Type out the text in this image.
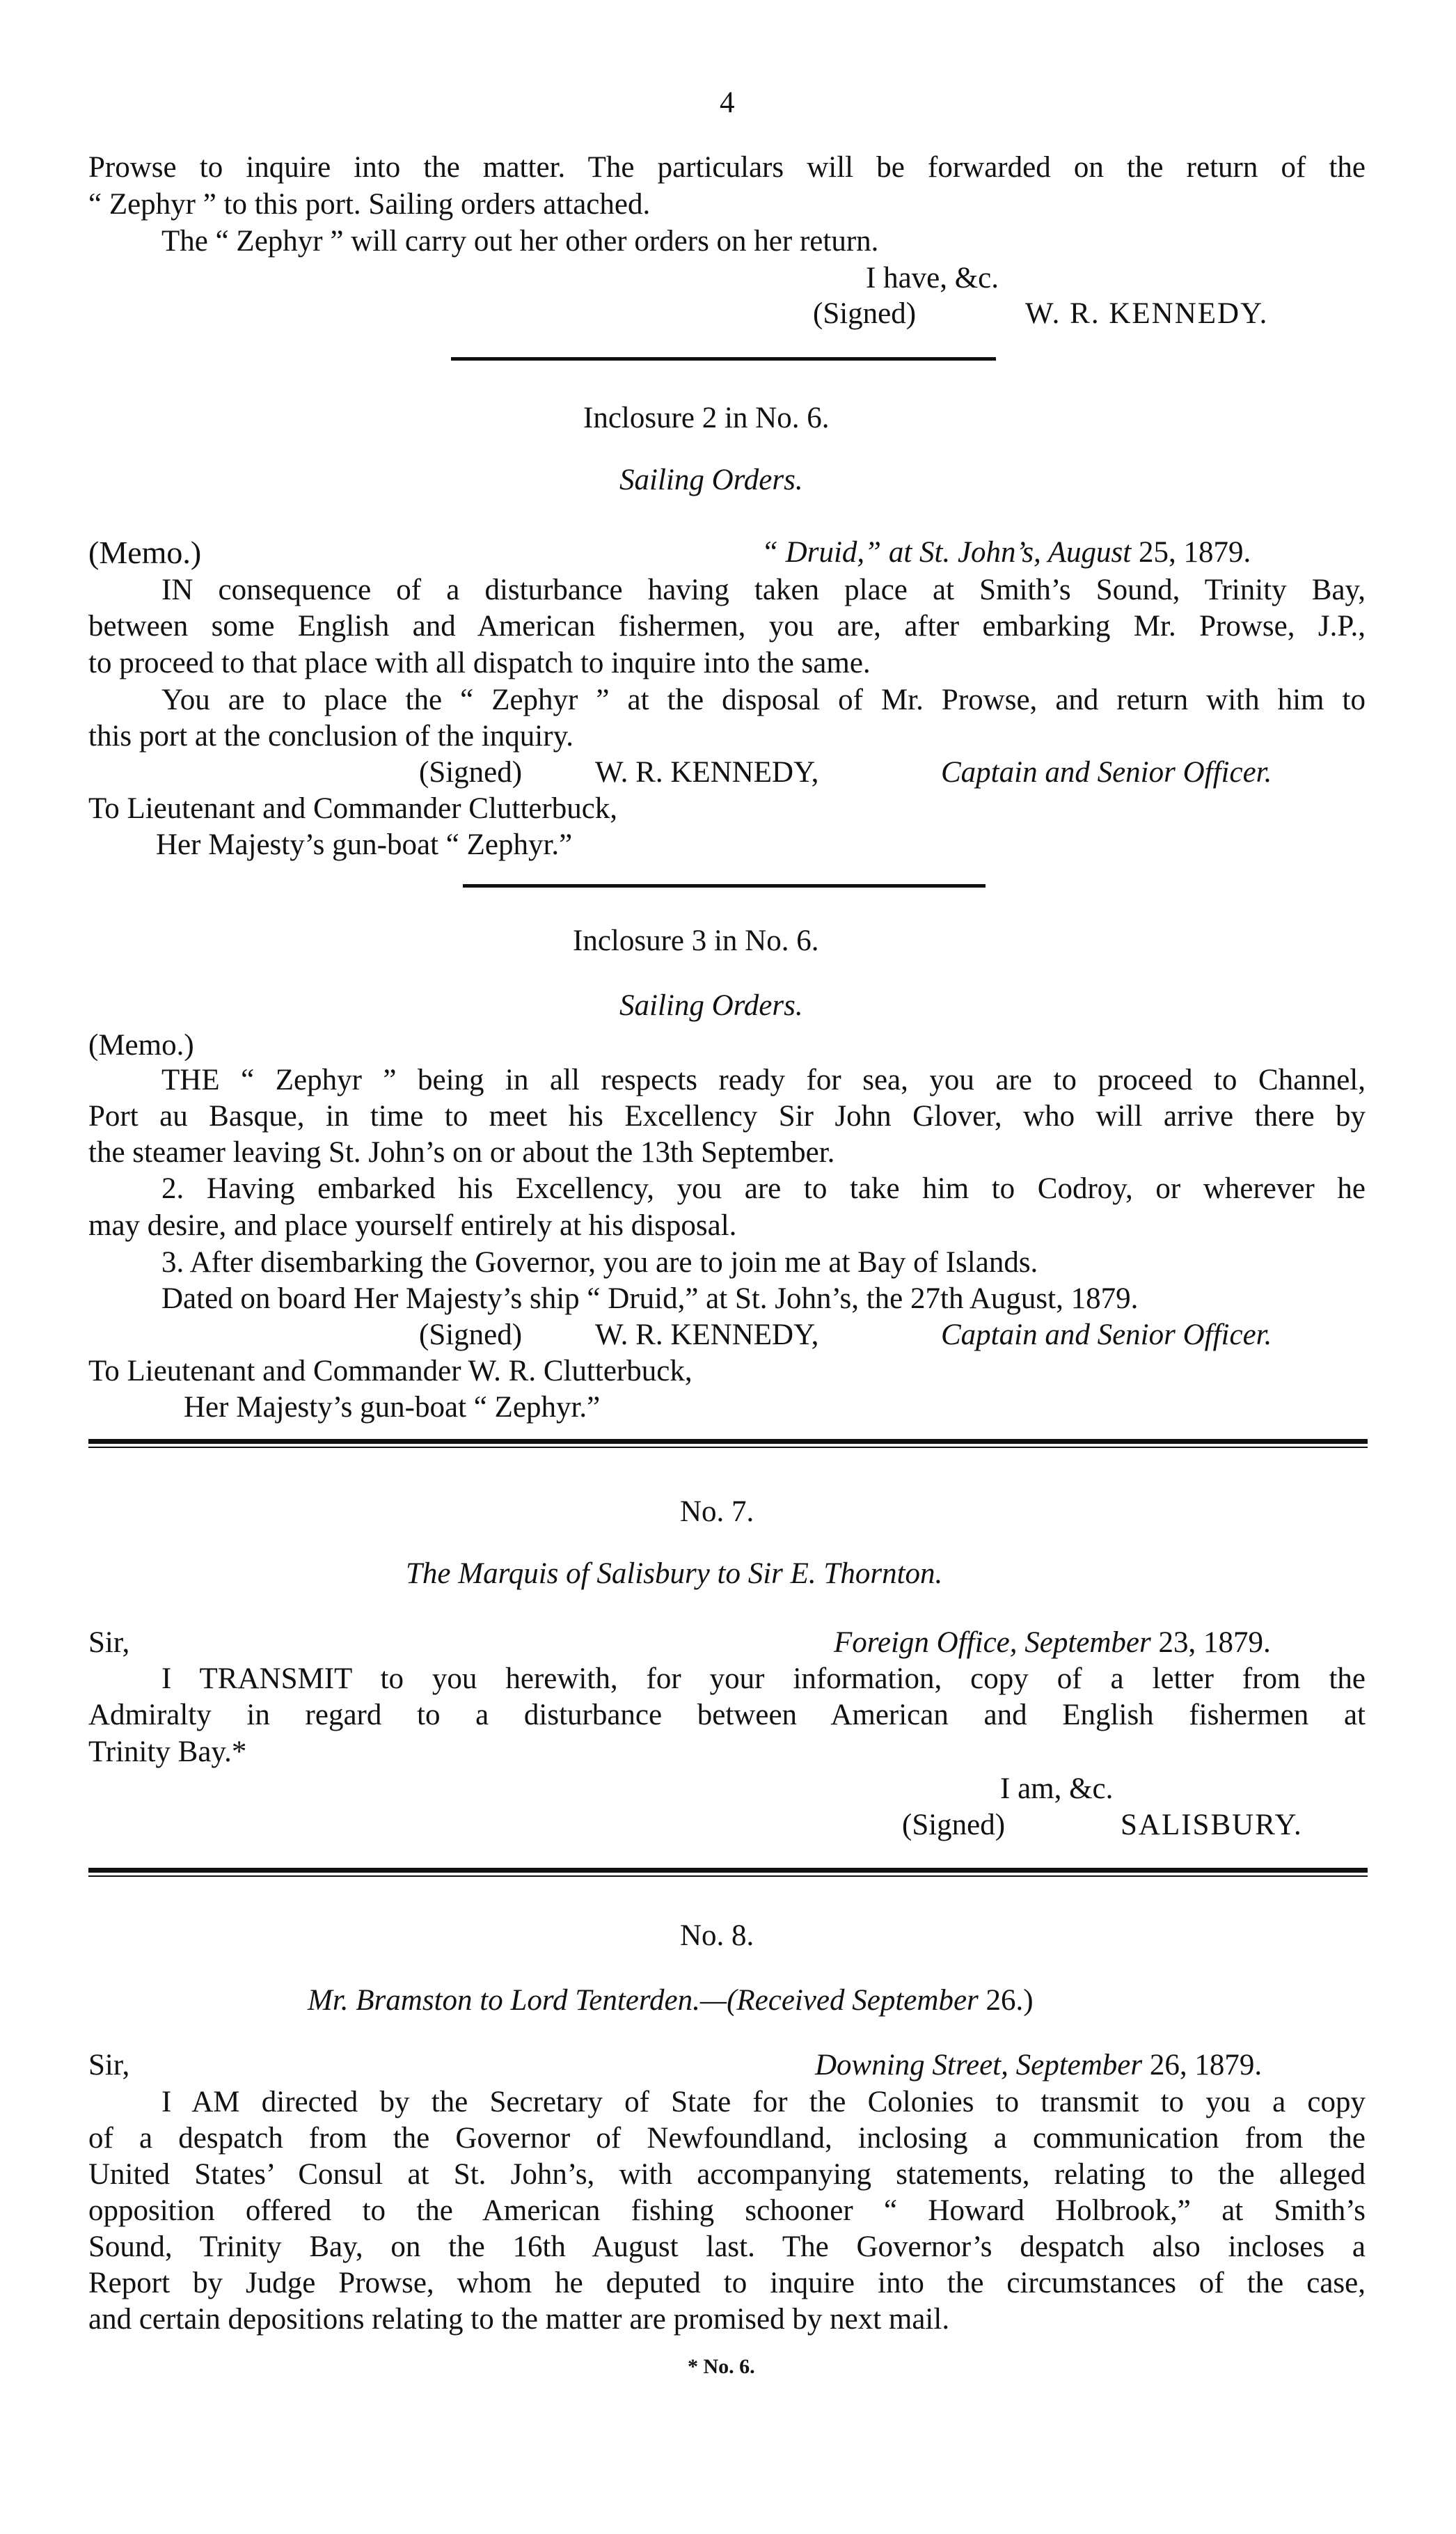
4
Prowse to inquire into the matter. The particulars will be forwarded on the return of the
“ Zephyr ” to this port. Sailing orders attached.
The “ Zephyr ” will carry out her other orders on her return.
I have, &c.
(Signed)	W. R. KENNEDY.
Inclosure 2 in No. 6.
Sailing Orders.
(Memo.)	“ Druid,” at St. John’s, August 25, 1879.
IN consequence of a disturbance having taken place at Smith’s Sound, Trinity Bay,
between some English and American fishermen, you are, after embarking Mr. Prowse, J.P.,
to proceed to that place with all dispatch to inquire into the same.
You are to place the “ Zephyr ” at the disposal of Mr. Prowse, and return with him to
this port at the conclusion of the inquiry.
(Signed) W. R. KENNEDY,	Captain and Senior Officer.
To Lieutenant and Commander Clutterbuck,
Her Majesty’s gun-boat “ Zephyr.”
Inclosure 3 in No. 6.
Sailing Orders.
(Memo.)
THE “ Zephyr ” being in all respects ready for sea, you are to proceed to Channel,
Port au Basque, in time to meet his Excellency Sir John Glover, who will arrive there by
the steamer leaving St. John’s on or about the 13th September.
2. Having embarked his Excellency, you are to take him to Codroy, or wherever he
may desire, and place yourself entirely at his disposal.
3. After disembarking the Governor, you are to join me at Bay of Islands.
Dated on board Her Majesty’s ship “ Druid,” at St. John’s, the 27th August, 1879.
(Signed) W. R. KENNEDY,	Captain and Senior Officer.
To Lieutenant and Commander W. R. Clutterbuck,
Her Majesty’s gun-boat “ Zephyr.”
No. 7.
The Marquis of Salisbury to Sir E. Thornton.
Sir,	Foreign Office, September 23, 1879.
I TRANSMIT to you herewith, for your information, copy of a letter from the
Admiralty in regard to a disturbance between American and English fishermen at
Trinity Bay.*
I am, &c.
(Signed)	SALISBURY.
No. 8.
Mr. Bramston to Lord Tenterden.—(Received September 26.)
Sir,	Downing Street, September 26, 1879.
I AM directed by the Secretary of State for the Colonies to transmit to you a copy
of a despatch from the Governor of Newfoundland, inclosing a communication from the
United States’ Consul at St. John’s, with accompanying statements, relating to the alleged
opposition offered to the American fishing schooner “ Howard Holbrook,” at Smith’s
Sound, Trinity Bay, on the 16th August last. The Governor’s despatch also incloses a
Report by Judge Prowse, whom he deputed to inquire into the circumstances of the case,
and certain depositions relating to the matter are promised by next mail.
* No. 6.
